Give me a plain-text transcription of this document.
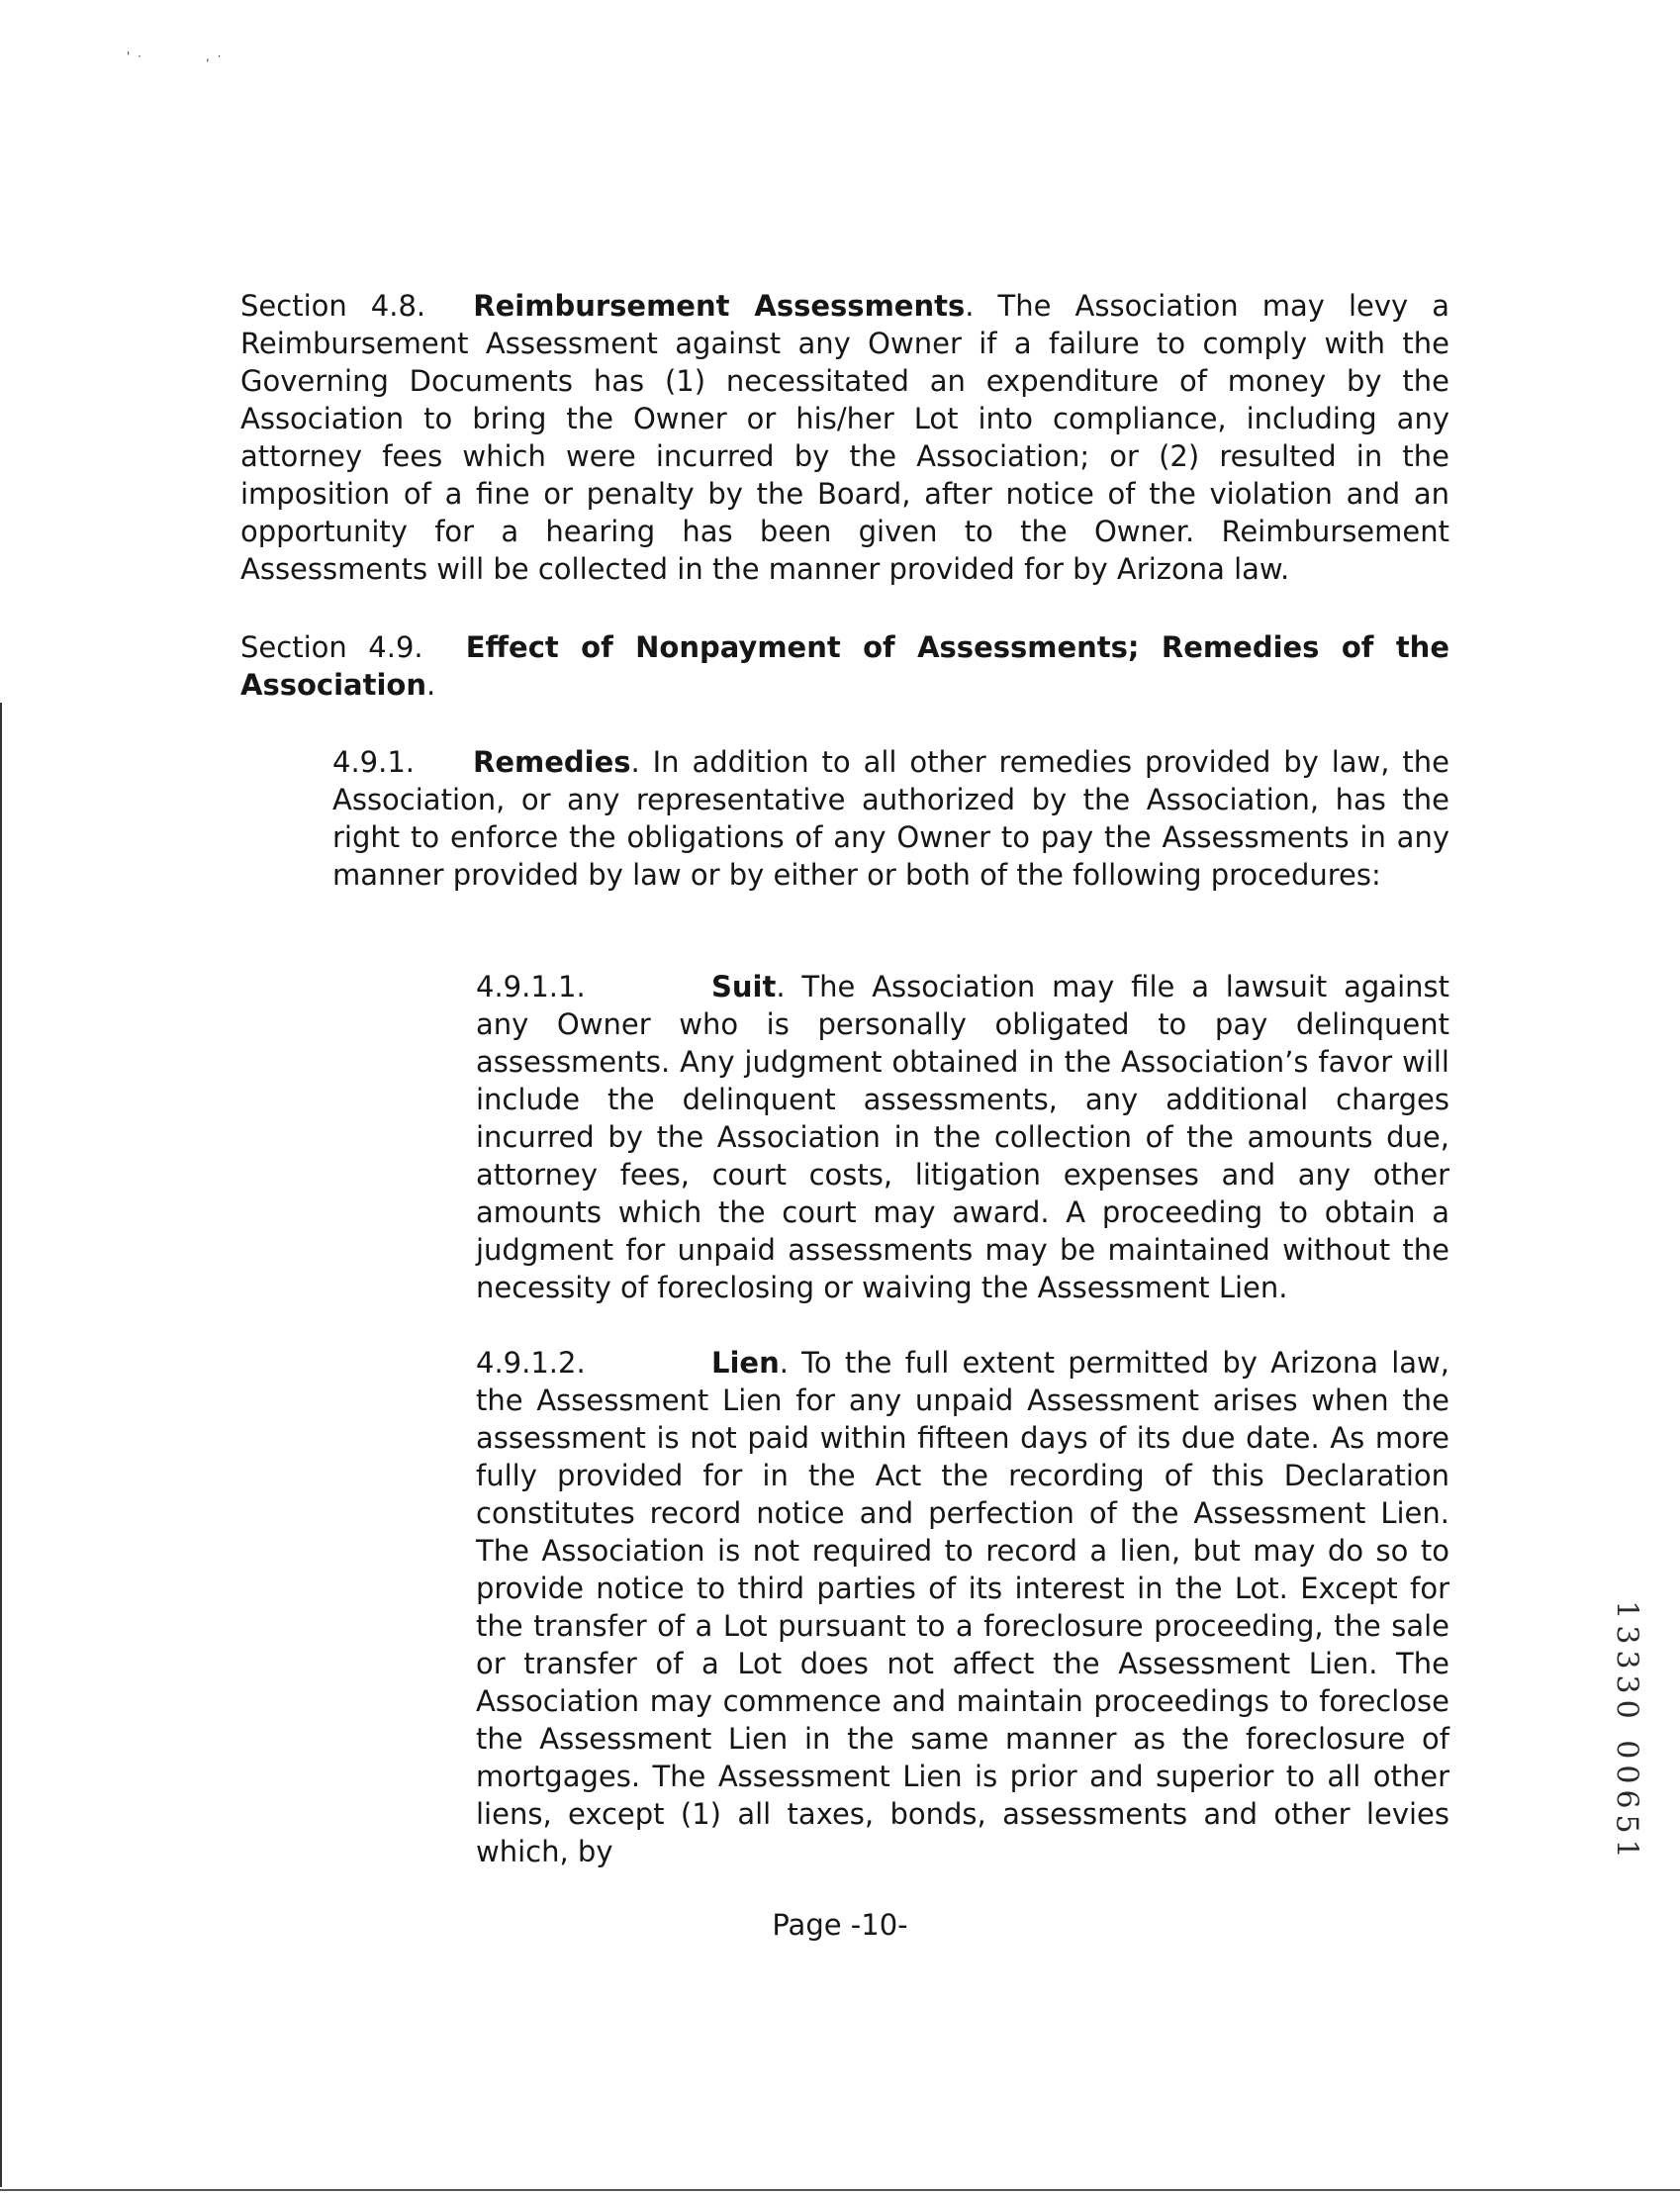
' ·	, ·

Section 4.8. Reimbursement Assessments. The Association may levy a Reimbursement Assessment against any Owner if a failure to comply with the Governing Documents has (1) necessitated an expenditure of money by the Association to bring the Owner or his/her Lot into compliance, including any attorney fees which were incurred by the Association; or (2) resulted in the imposition of a fine or penalty by the Board, after notice of the violation and an opportunity for a hearing has been given to the Owner. Reimbursement Assessments will be collected in the manner provided for by Arizona law.

Section 4.9. Effect of Nonpayment of Assessments; Remedies of the Association.

4.9.1. Remedies. In addition to all other remedies provided by law, the Association, or any representative authorized by the Association, has the right to enforce the obligations of any Owner to pay the Assessments in any manner provided by law or by either or both of the following procedures:

4.9.1.1.	Suit. The Association may file a lawsuit against any Owner who is personally obligated to pay delinquent assessments. Any judgment obtained in the Association’s favor will include the delinquent assessments, any additional charges incurred by the Association in the collection of the amounts due, attorney fees, court costs, litigation expenses and any other amounts which the court may award. A proceeding to obtain a judgment for unpaid assessments may be maintained without the necessity of foreclosing or waiving the Assessment Lien.

4.9.1.2.	Lien. To the full extent permitted by Arizona law, the Assessment Lien for any unpaid Assessment arises when the assessment is not paid within fifteen days of its due date. As more fully provided for in the Act the recording of this Declaration constitutes record notice and perfection of the Assessment Lien. The Association is not required to record a lien, but may do so to provide notice to third parties of its interest in the Lot. Except for the transfer of a Lot pursuant to a foreclosure proceeding, the sale or transfer of a Lot does not affect the Assessment Lien. The Association may commence and maintain proceedings to foreclose the Assessment Lien in the same manner as the foreclosure of mortgages. The Assessment Lien is prior and superior to all other liens, except (1) all taxes, bonds, assessments and other levies which, by

Page -10-
13330 00651
